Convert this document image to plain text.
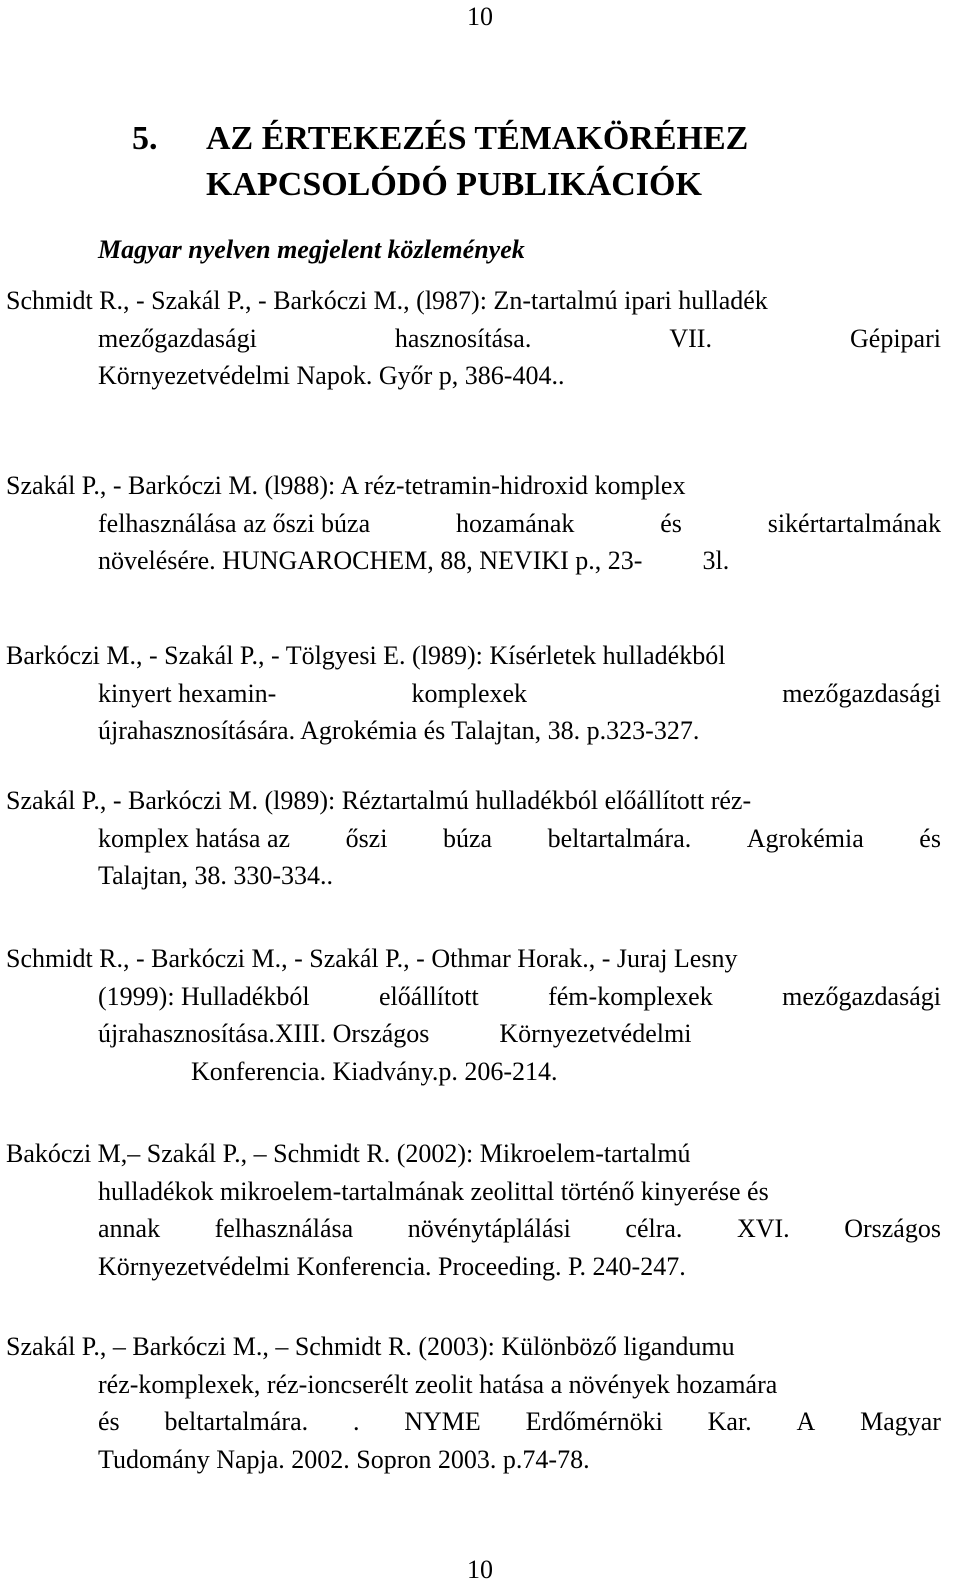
10
5. AZ ÉRTEKEZÉS TÉMAKÖRÉHEZ
KAPCSOLÓDÓ PUBLIKÁCIÓK
Magyar nyelven megjelent közlemények
Schmidt R., - Szakál P., - Barkóczi M., (l987): Zn-tartalmú ipari hulladék
mezőgazdasági	hasznosítása.	VII.	Gépipari
Környezetvédelmi Napok. Győr p, 386-404..
Szakál P., - Barkóczi M. (l988): A réz-tetramin-hidroxid komplex
felhasználása az őszi búza	hozamának	és	sikértartalmának
növelésére. HUNGAROCHEM, 88, NEVIKI p., 23- 3l.
Barkóczi M., - Szakál P., - Tölgyesi E. (l989): Kísérletek hulladékból
kinyert hexamin-	komplexek	mezőgazdasági
újrahasznosítására. Agrokémia és Talajtan, 38. p.323-327.
Szakál P., - Barkóczi M. (l989): Réztartalmú hulladékból előállított réz-
komplex hatása az őszi búza beltartalmára. Agrokémia és
Talajtan, 38. 330-334..
Schmidt R., - Barkóczi M., - Szakál P., - Othmar Horak., - Juraj Lesny
(1999): Hulladékból	előállított	fém-komplexek	mezőgazdasági
újrahasznosítása.XIII. Országos	Környezetvédelmi
Konferencia. Kiadvány.p. 206-214.
Bakóczi M,– Szakál P., – Schmidt R. (2002): Mikroelem-tartalmú
hulladékok mikroelem-tartalmának zeolittal történő kinyerése és
annak felhasználása növénytáplálási célra. XVI. Országos
Környezetvédelmi Konferencia. Proceeding. P. 240-247.
Szakál P., – Barkóczi M., – Schmidt R. (2003): Különböző ligandumu
réz-komplexek, réz-ioncserélt zeolit hatása a növények hozamára
és beltartalmára. . NYME Erdőmérnöki Kar. A Magyar
Tudomány Napja. 2002. Sopron 2003. p.74-78.
10
